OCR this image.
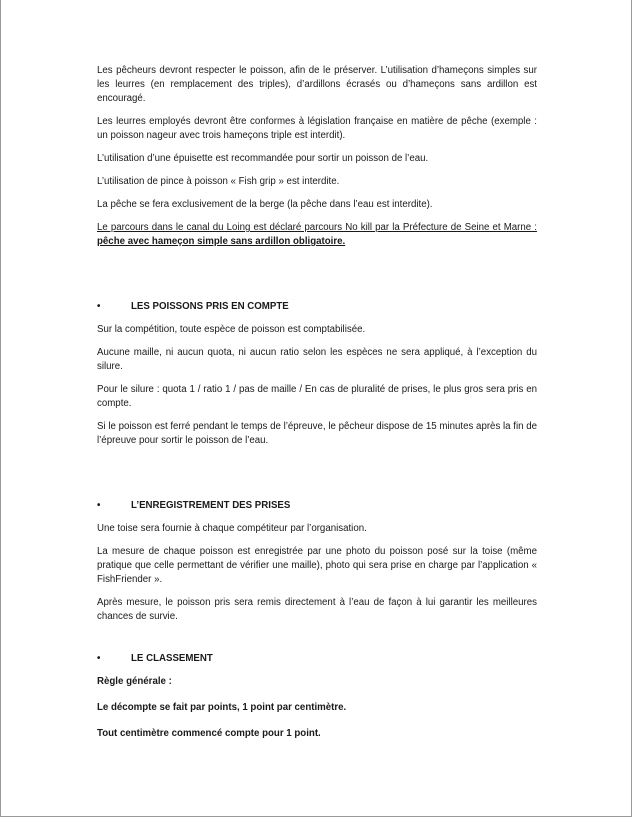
Les pêcheurs devront respecter le poisson, afin de le préserver. L’utilisation d’hameçons simples sur les leurres (en remplacement des triples), d’ardillons écrasés ou d’hameçons sans ardillon est encouragé.

Les leurres employés devront être conformes à législation française en matière de pêche (exemple : un poisson nageur avec trois hameçons triple est interdit).

L’utilisation d’une épuisette est recommandée pour sortir un poisson de l’eau.

L’utilisation de pince à poisson « Fish grip » est interdite.

La pêche se fera exclusivement de la berge (la pêche dans l’eau est interdite).

Le parcours dans le canal du Loing est déclaré parcours No kill par la Préfecture de Seine et Marne : pêche avec hameçon simple sans ardillon obligatoire.

•	LES POISSONS PRIS EN COMPTE

Sur la compétition, toute espèce de poisson est comptabilisée.

Aucune maille, ni aucun quota, ni aucun ratio selon les espèces ne sera appliqué, à l’exception du silure.

Pour le silure : quota 1 / ratio 1 / pas de maille / En cas de pluralité de prises, le plus gros sera pris en compte.

Si le poisson est ferré pendant le temps de l’épreuve, le pêcheur dispose de 15 minutes après la fin de l’épreuve pour sortir le poisson de l’eau.

•	L’ENREGISTREMENT DES PRISES

Une toise sera fournie à chaque compétiteur par l’organisation.

La mesure de chaque poisson est enregistrée par une photo du poisson posé sur la toise (même pratique que celle permettant de vérifier une maille), photo qui sera prise en charge par l’application « FishFriender ».

Après mesure, le poisson pris sera remis directement à l’eau de façon à lui garantir les meilleures chances de survie.

•	LE CLASSEMENT

Règle générale :

Le décompte se fait par points, 1 point par centimètre.

Tout centimètre commencé compte pour 1 point.
